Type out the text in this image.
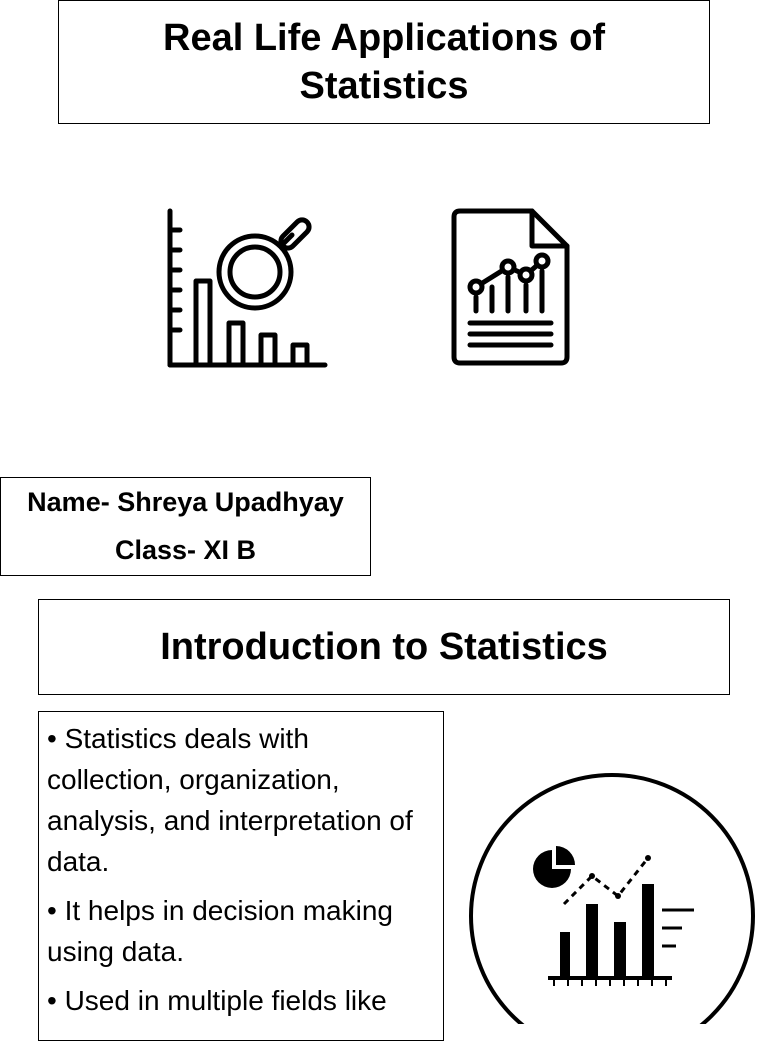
Real Life Applications of
Statistics
Name- Shreya Upadhyay
Class- XI B
Introduction to Statistics
• Statistics deals with collection, organization, analysis, and interpretation of data.
• It helps in decision making using data.
• Used in multiple fields like
